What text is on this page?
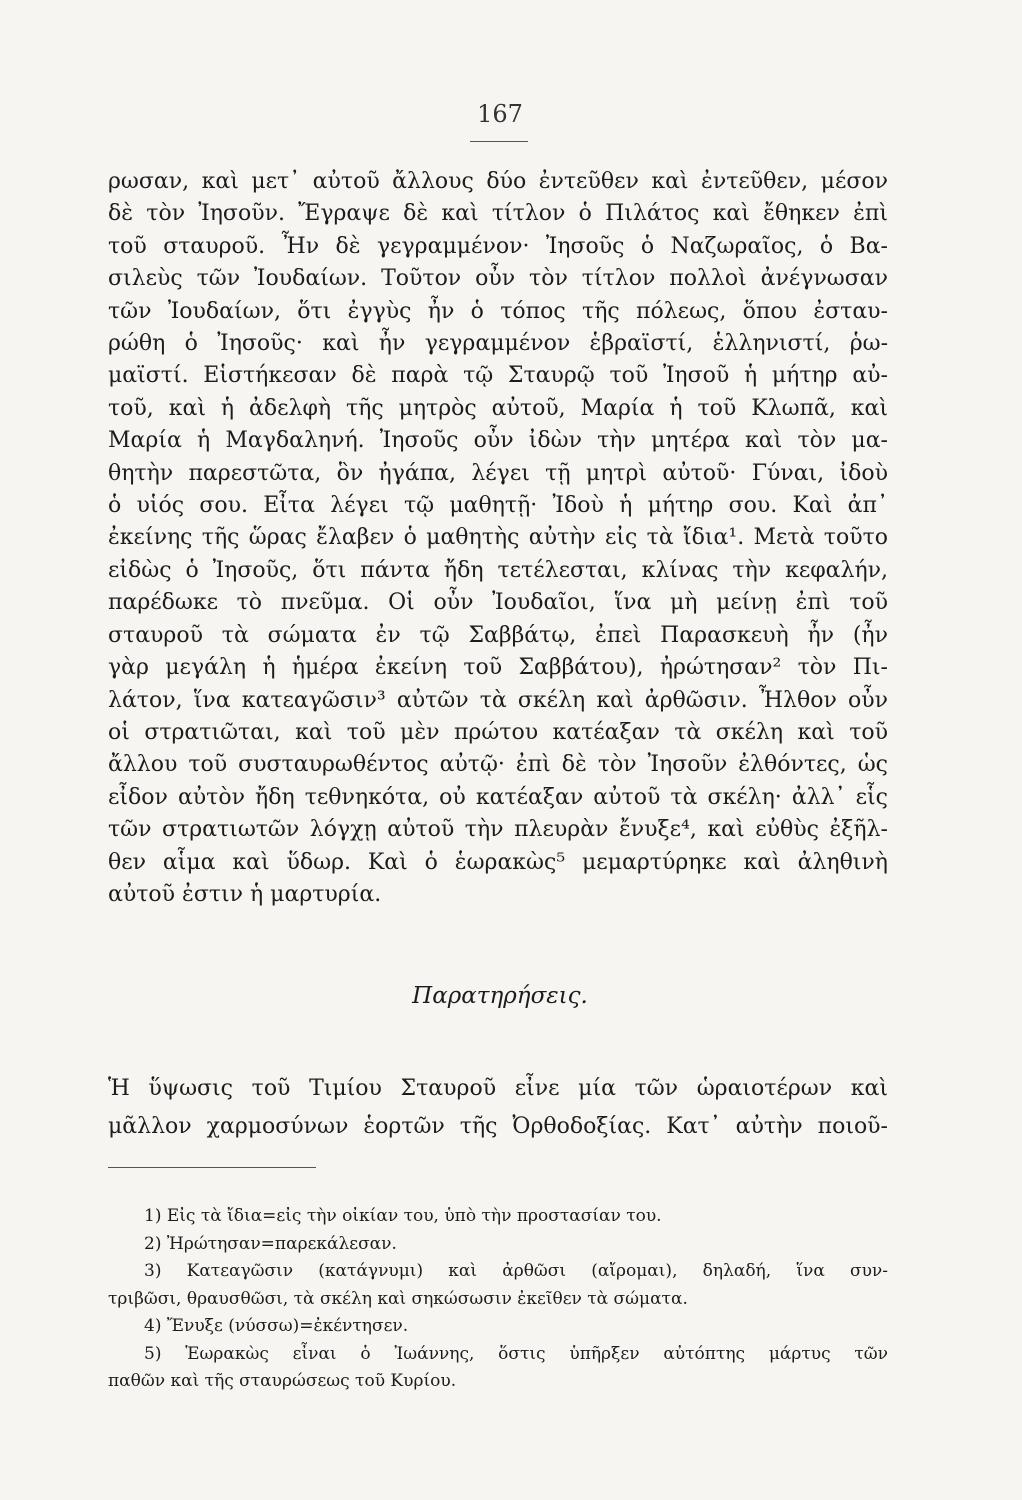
167
ρωσαν, καὶ μετ᾿ αὐτοῦ ἄλλους δύο ἐντεῦθεν καὶ ἐντεῦθεν, μέσον
δὲ τὸν Ἰησοῦν. Ἔγραψε δὲ καὶ τίτλον ὁ Πιλάτος καὶ ἔθηκεν ἐπὶ
τοῦ σταυροῦ. Ἦν δὲ γεγραμμένον· Ἰησοῦς ὁ Ναζωραῖος, ὁ Βα-
σιλεὺς τῶν Ἰουδαίων. Τοῦτον οὖν τὸν τίτλον πολλοὶ ἀνέγνωσαν
τῶν Ἰουδαίων, ὅτι ἐγγὺς ἦν ὁ τόπος τῆς πόλεως, ὅπου ἐσταυ-
ρώθη ὁ Ἰησοῦς· καὶ ἦν γεγραμμένον ἑβραϊστί, ἑλληνιστί, ῥω-
μαϊστί. Εἱστήκεσαν δὲ παρὰ τῷ Σταυρῷ τοῦ Ἰησοῦ ἡ μήτηρ αὐ-
τοῦ, καὶ ἡ ἀδελφὴ τῆς μητρὸς αὐτοῦ, Μαρία ἡ τοῦ Κλωπᾶ, καὶ
Μαρία ἡ Μαγδαληνή. Ἰησοῦς οὖν ἰδὼν τὴν μητέρα καὶ τὸν μα-
θητὴν παρεστῶτα, ὃν ἠγάπα, λέγει τῇ μητρὶ αὐτοῦ· Γύναι, ἰδοὺ
ὁ υἱός σου. Εἶτα λέγει τῷ μαθητῇ· Ἰδοὺ ἡ μήτηρ σου. Καὶ ἀπ᾿
ἐκείνης τῆς ὥρας ἔλαβεν ὁ μαθητὴς αὐτὴν εἰς τὰ ἴδια¹. Μετὰ τοῦτο
εἰδὼς ὁ Ἰησοῦς, ὅτι πάντα ἤδη τετέλεσται, κλίνας τὴν κεφαλήν,
παρέδωκε τὸ πνεῦμα. Οἱ οὖν Ἰουδαῖοι, ἵνα μὴ μείνῃ ἐπὶ τοῦ
σταυροῦ τὰ σώματα ἐν τῷ Σαββάτῳ, ἐπεὶ Παρασκευὴ ἦν (ἦν
γὰρ μεγάλη ἡ ἡμέρα ἐκείνη τοῦ Σαββάτου), ἠρώτησαν² τὸν Πι-
λάτον, ἵνα κατεαγῶσιν³ αὐτῶν τὰ σκέλη καὶ ἀρθῶσιν. Ἦλθον οὖν
οἱ στρατιῶται, καὶ τοῦ μὲν πρώτου κατέαξαν τὰ σκέλη καὶ τοῦ
ἄλλου τοῦ συσταυρωθέντος αὐτῷ· ἐπὶ δὲ τὸν Ἰησοῦν ἐλθόντες, ὡς
εἶδον αὐτὸν ἤδη τεθνηκότα, οὐ κατέαξαν αὐτοῦ τὰ σκέλη· ἀλλ᾿ εἷς
τῶν στρατιωτῶν λόγχῃ αὐτοῦ τὴν πλευρὰν ἔνυξε⁴, καὶ εὐθὺς ἐξῆλ-
θεν αἷμα καὶ ὕδωρ. Καὶ ὁ ἑωρακὼς⁵ μεμαρτύρηκε καὶ ἀληθινὴ
αὐτοῦ ἐστιν ἡ μαρτυρία.
Παρατηρήσεις.
Ἡ ὕψωσις τοῦ Τιμίου Σταυροῦ εἶνε μία τῶν ὡραιοτέρων καὶ
μᾶλλον χαρμοσύνων ἑορτῶν τῆς Ὀρθοδοξίας. Κατ᾿ αὐτὴν ποιοῦ-
1) Εἰς τὰ ἴδια=εἰς τὴν οἰκίαν του, ὑπὸ τὴν προστασίαν του.
2) Ἠρώτησαν=παρεκάλεσαν.
3) Κατεαγῶσιν (κατάγνυμι) καὶ ἀρθῶσι (αἴρομαι), δηλαδή, ἵνα συν-
τριβῶσι, θραυσθῶσι, τὰ σκέλη καὶ σηκώσωσιν ἐκεῖθεν τὰ σώματα.
4) Ἔνυξε (νύσσω)=ἐκέντησεν.
5) Ἑωρακὼς εἶναι ὁ Ἰωάννης, ὅστις ὑπῆρξεν αὐτόπτης μάρτυς τῶν
παθῶν καὶ τῆς σταυρώσεως τοῦ Κυρίου.
